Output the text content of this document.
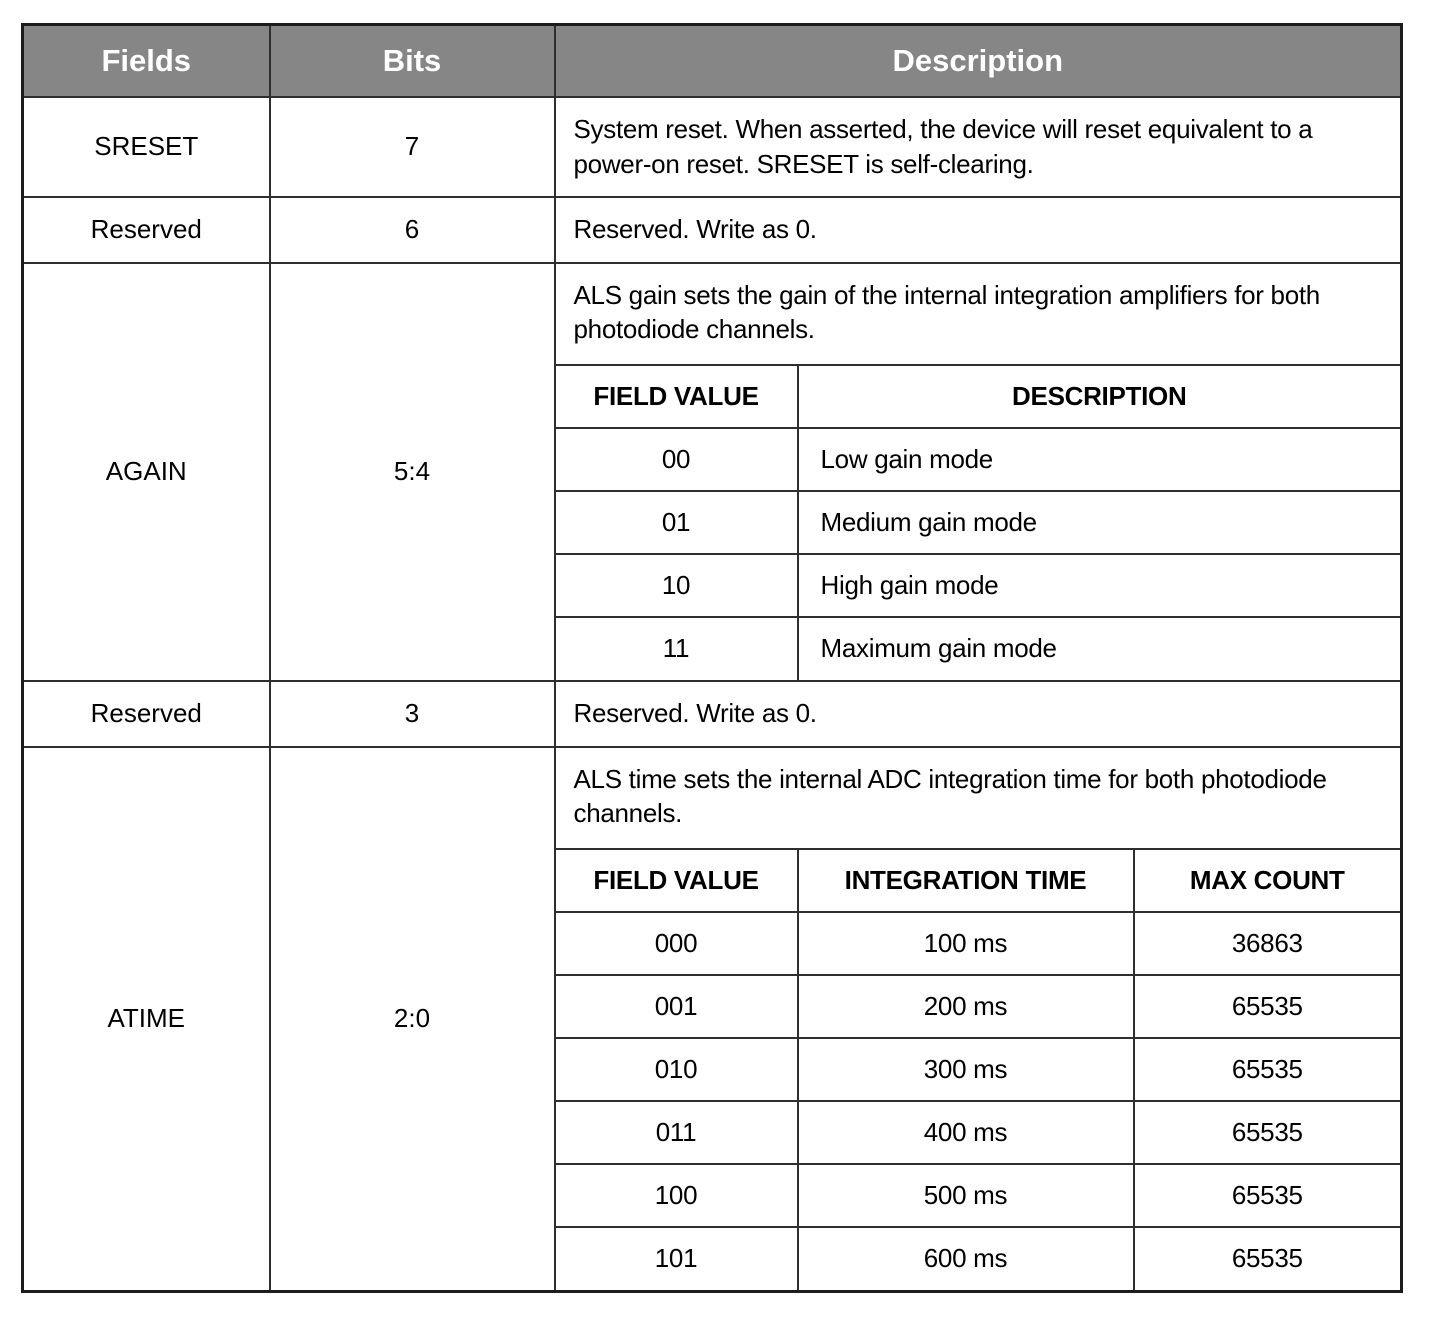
Fields	Bits	Description
SRESET	7	System reset. When asserted, the device will reset equivalent to a power-on reset. SRESET is self-clearing.
Reserved	6	Reserved. Write as 0.
AGAIN	5:4	
ALS gain sets the gain of the internal integration amplifiers for both photodiode channels.
FIELD VALUE	DESCRIPTION
00	Low gain mode
01	Medium gain mode
10	High gain mode
11	Maximum gain mode

Reserved	3	Reserved. Write as 0.
ATIME	2:0	
ALS time sets the internal ADC integration time for both photodiode channels.
FIELD VALUE	INTEGRATION TIME	MAX COUNT
000	100 ms	36863
001	200 ms	65535
010	300 ms	65535
011	400 ms	65535
100	500 ms	65535
101	600 ms	65535
